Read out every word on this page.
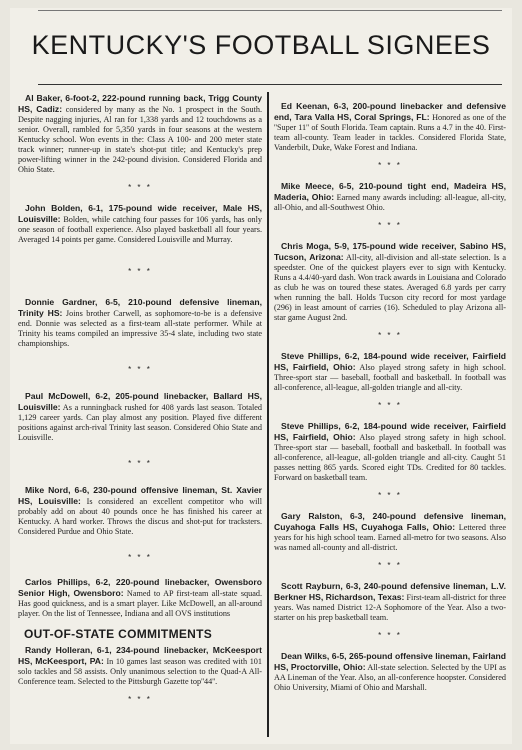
KENTUCKY'S FOOTBALL SIGNEES

Al Baker, 6-foot-2, 222-pound running back, Trigg County HS, Cadiz: considered by many as the No. 1 prospect in the South. Despite nagging injuries, Al ran for 1,338 yards and 12 touchdowns as a senior. Overall, rambled for 5,350 yards in four seasons at the western Kentucky school. Won events in the: Class A 100- and 200 meter state track winner; runner-up in state's shot-put title; and Kentucky's prep power-lifting winner in the 242-pound division. Considered Florida and Ohio State.

* * *

John Bolden, 6-1, 175-pound wide receiver, Male HS, Louisville: Bolden, while catching four passes for 106 yards, has only one season of football experience. Also played basketball all four years. Averaged 14 points per game. Considered Louisville and Murray.

* * *

Donnie Gardner, 6-5, 210-pound defensive lineman, Trinity HS: Joins brother Carwell, as sophomore-to-be is a defensive end. Donnie was selected as a first-team all-state performer. While at Trinity his teams compiled an impressive 35-4 slate, including two state championships.

* * *

Paul McDowell, 6-2, 205-pound linebacker, Ballard HS, Louisville: As a runningback rushed for 408 yards last season. Totaled 1,129 career yards. Can play almost any position. Played five different positions against arch-rival Trinity last season. Considered Ohio State and Louisville.

* * *

Mike Nord, 6-6, 230-pound offensive lineman, St. Xavier HS, Louisville: Is considered an excellent competitor who will probably add on about 40 pounds once he has finished his career at Kentucky. A hard worker. Throws the discus and shot-put for tracksters. Considered Purdue and Ohio State.

* * *

Carlos Phillips, 6-2, 220-pound linebacker, Owensboro Senior High, Owensboro: Named to AP first-team all-state squad. Has good quickness, and is a smart player. Like McDowell, an all-around player. On the list of Tennessee, Indiana and all OVS institutions

OUT-OF-STATE COMMITMENTS

Randy Holleran, 6-1, 234-pound linebacker, McKeesport HS, McKeesport, PA: In 10 games last season was credited with 101 solo tackles and 58 assists. Only unanimous selection to the Quad-A All-Conference team. Selected to the Pittsburgh Gazette top''44''.

* * *

Ed Keenan, 6-3, 200-pound linebacker and defensive end, Tara Valla HS, Coral Springs, FL: Honored as one of the ''Super 11'' of South Florida. Team captain. Runs a 4.7 in the 40. First-team all-county. Team leader in tackles. Considered Florida State, Vanderbilt, Duke, Wake Forest and Indiana.

* * *

Mike Meece, 6-5, 210-pound tight end, Madeira HS, Maderia, Ohio: Earned many awards including: all-league, all-city, all-Ohio, and all-Southwest Ohio.

* * *

Chris Moga, 5-9, 175-pound wide receiver, Sabino HS, Tucson, Arizona: All-city, all-division and all-state selection. Is a speedster. One of the quickest players ever to sign with Kentucky. Runs a 4.4/40-yard dash. Won track awards in Louisiana and Colorado as club he was on toured these states. Averaged 6.8 yards per carry when running the ball. Holds Tucson city record for most yardage (296) in least amount of carries (16). Scheduled to play Arizona all-star game August 2nd.

* * *

Steve Phillips, 6-2, 184-pound wide receiver, Fairfield HS, Fairfield, Ohio: Also played strong safety in high school. Three-sport star — baseball, football and basketball. In football was all-conference, all-league, all-golden triangle and all-city.

* * *

Steve Phillips, 6-2, 184-pound wide receiver, Fairfield HS, Fairfield, Ohio: Also played strong safety in high school. Three-sport star — baseball, football and basketball. In football was all-conference, all-league, all-golden triangle and all-city. Caught 51 passes netting 865 yards. Scored eight TDs. Credited for 80 tackles. Forward on basketball team.

* * *

Gary Ralston, 6-3, 240-pound defensive lineman, Cuyahoga Falls HS, Cuyahoga Falls, Ohio: Lettered three years for his high school team. Earned all-metro for two seasons. Also was named all-county and all-district.

* * *

Scott Rayburn, 6-3, 240-pound defensive lineman, L.V. Berkner HS, Richardson, Texas: First-team all-district for three years. Was named District 12-A Sophomore of the Year. Also a two-starter on his prep basketball team.

* * *

Dean Wilks, 6-5, 265-pound offensive lineman, Fairland HS, Proctorville, Ohio: All-state selection. Selected by the UPI as AA Lineman of the Year. Also, an all-conference hoopster. Considered Ohio University, Miami of Ohio and Marshall.
